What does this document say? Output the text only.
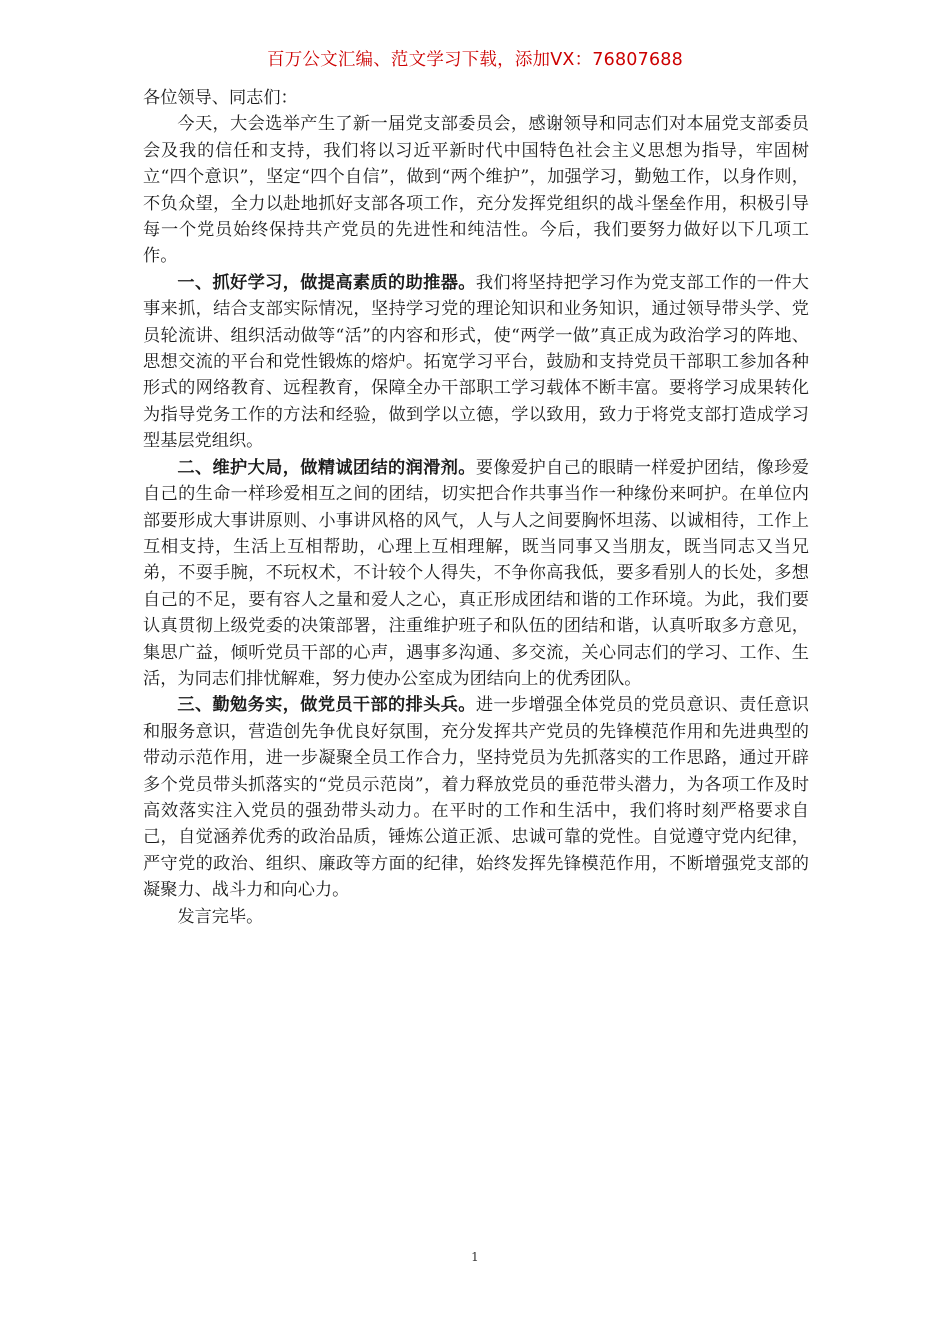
百万公文汇编、范文学习下载，添加VX：76807688

各位领导、同志们：

今天，大会选举产生了新一届党支部委员会，感谢领导和同志们对本届党支部委员会及我的信任和支持，我们将以习近平新时代中国特色社会主义思想为指导，牢固树立“四个意识”，坚定“四个自信”，做到“两个维护”，加强学习，勤勉工作，以身作则，不负众望，全力以赴地抓好支部各项工作，充分发挥党组织的战斗堡垒作用，积极引导每一个党员始终保持共产党员的先进性和纯洁性。今后，我们要努力做好以下几项工作。

一、抓好学习，做提高素质的助推器。我们将坚持把学习作为党支部工作的一件大事来抓，结合支部实际情况，坚持学习党的理论知识和业务知识，通过领导带头学、党员轮流讲、组织活动做等“活”的内容和形式，使“两学一做”真正成为政治学习的阵地、思想交流的平台和党性锻炼的熔炉。拓宽学习平台，鼓励和支持党员干部职工参加各种形式的网络教育、远程教育，保障全办干部职工学习载体不断丰富。要将学习成果转化为指导党务工作的方法和经验，做到学以立德，学以致用，致力于将党支部打造成学习型基层党组织。

二、维护大局，做精诚团结的润滑剂。要像爱护自己的眼睛一样爱护团结，像珍爱自己的生命一样珍爱相互之间的团结，切实把合作共事当作一种缘份来呵护。在单位内部要形成大事讲原则、小事讲风格的风气，人与人之间要胸怀坦荡、以诚相待，工作上互相支持，生活上互相帮助，心理上互相理解，既当同事又当朋友，既当同志又当兄弟，不耍手腕，不玩权术，不计较个人得失，不争你高我低，要多看别人的长处，多想自己的不足，要有容人之量和爱人之心，真正形成团结和谐的工作环境。为此，我们要认真贯彻上级党委的决策部署，注重维护班子和队伍的团结和谐，认真听取多方意见，集思广益，倾听党员干部的心声，遇事多沟通、多交流，关心同志们的学习、工作、生活，为同志们排忧解难，努力使办公室成为团结向上的优秀团队。

三、勤勉务实，做党员干部的排头兵。进一步增强全体党员的党员意识、责任意识和服务意识，营造创先争优良好氛围，充分发挥共产党员的先锋模范作用和先进典型的带动示范作用，进一步凝聚全员工作合力，坚持党员为先抓落实的工作思路，通过开辟多个党员带头抓落实的“党员示范岗”，着力释放党员的垂范带头潜力，为各项工作及时高效落实注入党员的强劲带头动力。在平时的工作和生活中，我们将时刻严格要求自己，自觉涵养优秀的政治品质，锤炼公道正派、忠诚可靠的党性。自觉遵守党内纪律，严守党的政治、组织、廉政等方面的纪律，始终发挥先锋模范作用，不断增强党支部的凝聚力、战斗力和向心力。

发言完毕。

1
